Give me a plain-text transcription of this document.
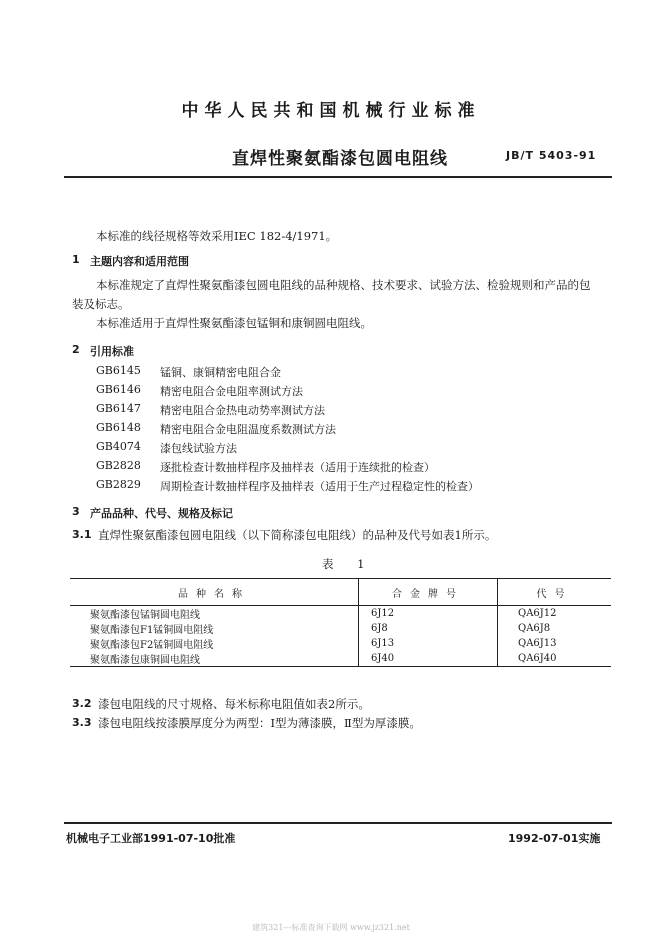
中华人民共和国机械行业标准
直焊性聚氨酯漆包圆电阻线	JB/T 5403-91
本标准的线径规格等效采用IEC 182-4/1971。
1 主题内容和适用范围
本标准规定了直焊性聚氨酯漆包圆电阻线的品种规格、技术要求、试验方法、检验规则和产品的包
装及标志。
本标准适用于直焊性聚氨酯漆包锰铜和康铜圆电阻线。
2 引用标准
GB6145	锰铜、康铜精密电阻合金
GB6146	精密电阻合金电阻率测试方法
GB6147	精密电阻合金热电动势率测试方法
GB6148	精密电阻合金电阻温度系数测试方法
GB4074	漆包线试验方法
GB2828	逐批检查计数抽样程序及抽样表（适用于连续批的检查）
GB2829	周期检查计数抽样程序及抽样表（适用于生产过程稳定性的检查）
3 产品品种、代号、规格及标记
3.1 直焊性聚氨酯漆包圆电阻线（以下简称漆包电阻线）的品种及代号如表1所示。
表 1
品种名称	合金牌号	代号
聚氨酯漆包锰铜圆电阻线	6J12	QA6J12
聚氨酯漆包F1锰铜圆电阻线	6J8	QA6J8
聚氨酯漆包F2锰铜圆电阻线	6J13	QA6J13
聚氨酯漆包康铜圆电阻线	6J40	QA6J40
3.2 漆包电阻线的尺寸规格、每米标称电阻值如表2所示。
3.3 漆包电阻线按漆膜厚度分为两型：Ⅰ型为薄漆膜，Ⅱ型为厚漆膜。
机械电子工业部1991-07-10批准	1992-07-01实施
建筑321---标准查询下载网 www.jz321.net
